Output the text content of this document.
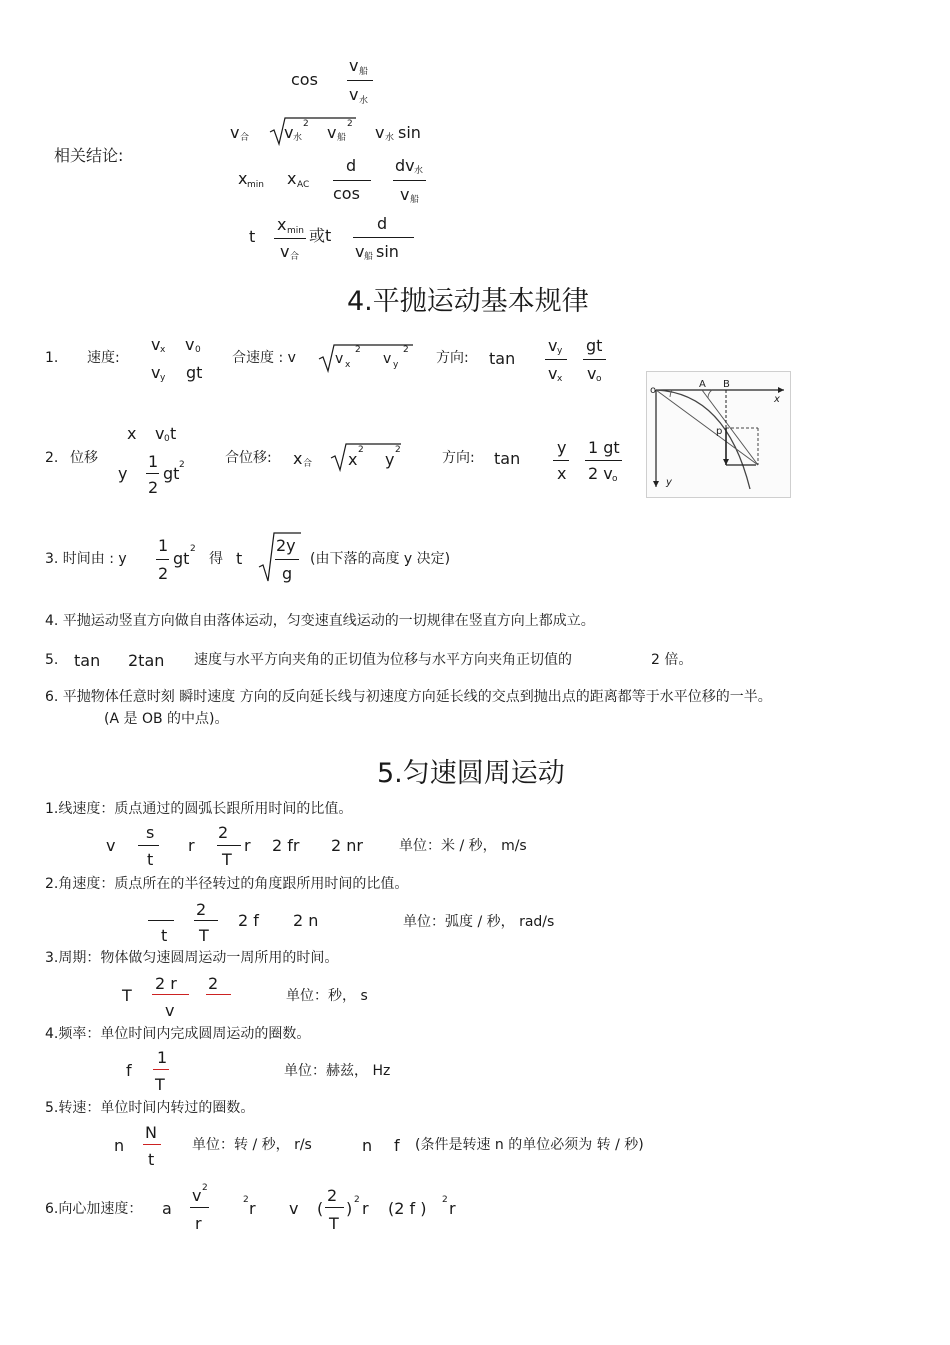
相关结论:
cos
v 船
v 水
v 合 v 水
2 v 船
2 v 水 sin
x min x AC
d
cos
dv 水
v 船
t
x min
v 合
或t
d
v 船 sin
4.平抛运动基本规律
1. 速度:
v x v 0
v y gt
合速度 : v	v x
2
v y
2 方向: tan
v y
v x
gt
v o
o
A B
x
y
p
x v 0 t
2. 位移
y
1
2
gt 2	合位移: x 合 x 2 y 2	方向: tan
y
x
1 gt
2 v o
3. 时间由 : y
1
2
gt 2
得 t
2y
g
(由下落的高度 y 决定)
4. 平抛运动竖直方向做自由落体运动，匀变速直线运动的一切规律在竖直方向上都成立。
5. tan 2tan 速度与水平方向夹角的正切值为位移与水平方向夹角正切值的	2 倍。
6. 平抛物体任意时刻 瞬时速度 方向的反向延长线与初速度方向延长线的交点到抛出点的距离都等于水平位移的一半。
(A 是 OB 的中点)。
5.匀速圆周运动
1.线速度：质点通过的圆弧长跟所用时间的比值。
v
s
t
r
2
T
r 2 fr 2 nr	单位：米 / 秒， m/s
2.角速度：质点所在的半径转过的角度跟所用时间的比值。
t
2
T
2 f 2 n	单位：弧度 / 秒， rad/s
3.周期：物体做匀速圆周运动一周所用的时间。
T
2 r
v
2
单位：秒， s
4.频率：单位时间内完成圆周运动的圈数。
f
1
T
单位：赫兹， Hz
5.转速：单位时间内转过的圈数。
n
N
t
单位：转 / 秒， r/s	n f (条件是转速 n 的单位必须为 转 / 秒)
6.向心加速度： a
v 2
r
2 r v (
2
T
) 2 r (2 f ) 2 r
